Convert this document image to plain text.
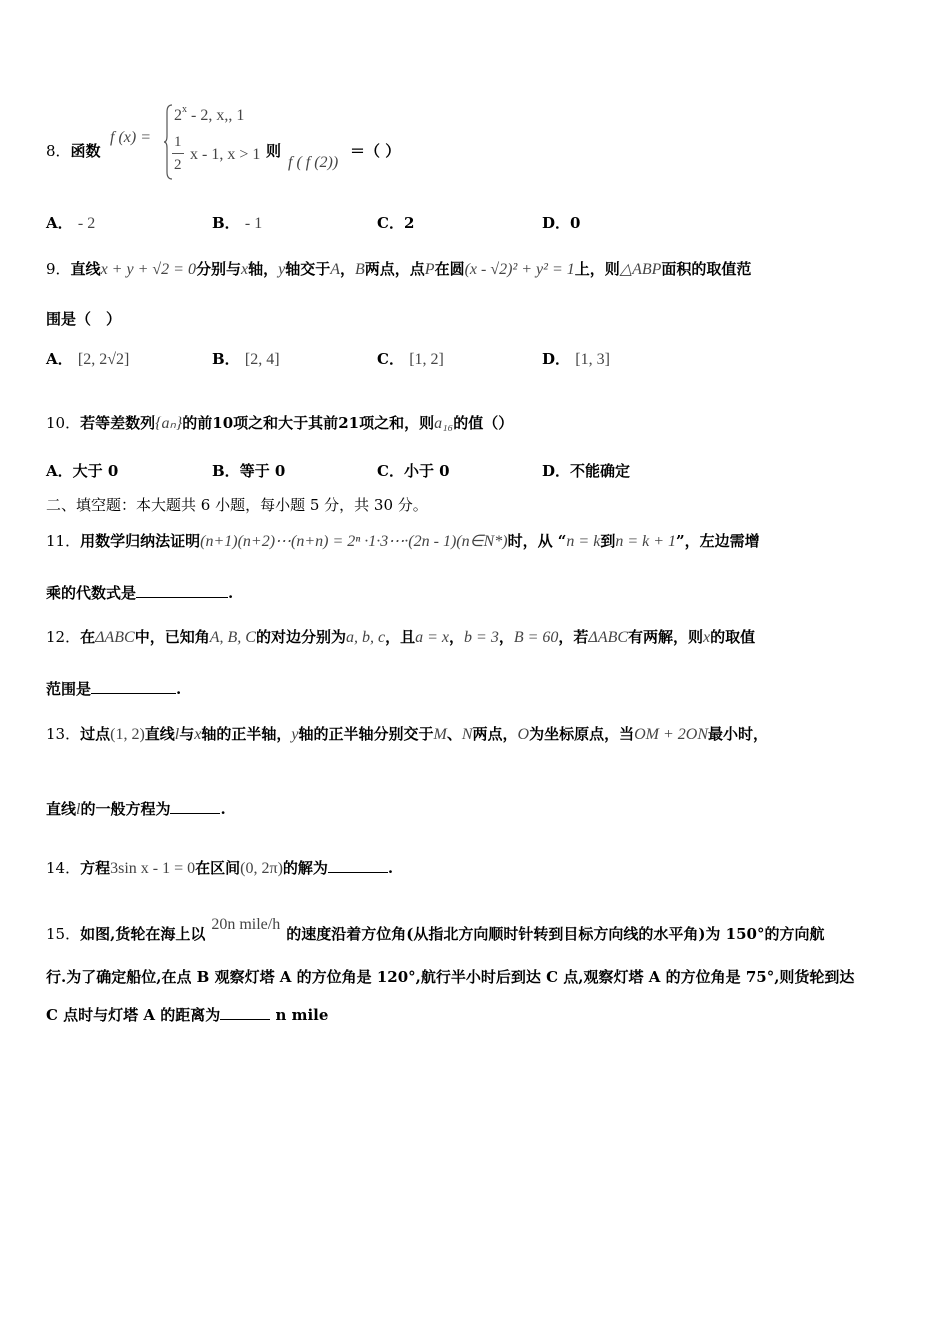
8．函数
f (x) =
$2^x - 2$, x,, 1
1
2
x - 1, x > 1 则
f ( f (2))
＝（ ）
A． - 2	B． - 1	C．2	D．0
9．直线x + y + √2 = 0分别与x轴，y轴交于A，B两点，点P在圆(x - √2)² + y² = 1上，则△ABP面积的取值范
围是（　）
A． [2, 2√2]	B． [2, 4]	C． [1, 2]	D． [1, 3]
10．若等差数列{aₙ}的前10项之和大于其前21项之和，则a₁₆的值（）
A．大于 0	B．等于 0	C．小于 0	D．不能确定
二、填空题：本大题共 6 小题，每小题 5 分，共 30 分。
11．用数学归纳法证明(n+1)(n+2)⋯(n+n) = 2ⁿ ·1·3⋯·(2n - 1)(n∈N*)时，从 “n = k到n = k + 1”，左边需增
乘的代数式是	.
12．在ΔABC中，已知角A, B, C的对边分别为a, b, c，且a = x，b = 3，B = 60，若ΔABC有两解，则x的取值
范围是	.
13．过点(1, 2)直线l与x轴的正半轴，y轴的正半轴分别交于M、N两点，O为坐标原点，当OM + 2ON最小时，
直线l的一般方程为	.
14．方程3sin x - 1 = 0在区间(0, 2π)的解为	.
15．如图,货轮在海上以20n mile/h的速度沿着方位角(从指北方向顺时针转到目标方向线的水平角)为 150°的方向航
行.为了确定船位,在点 B 观察灯塔 A 的方位角是 120°,航行半小时后到达 C 点,观察灯塔 A 的方位角是 75°,则货轮到达
C 点时与灯塔 A 的距离为	n mile
